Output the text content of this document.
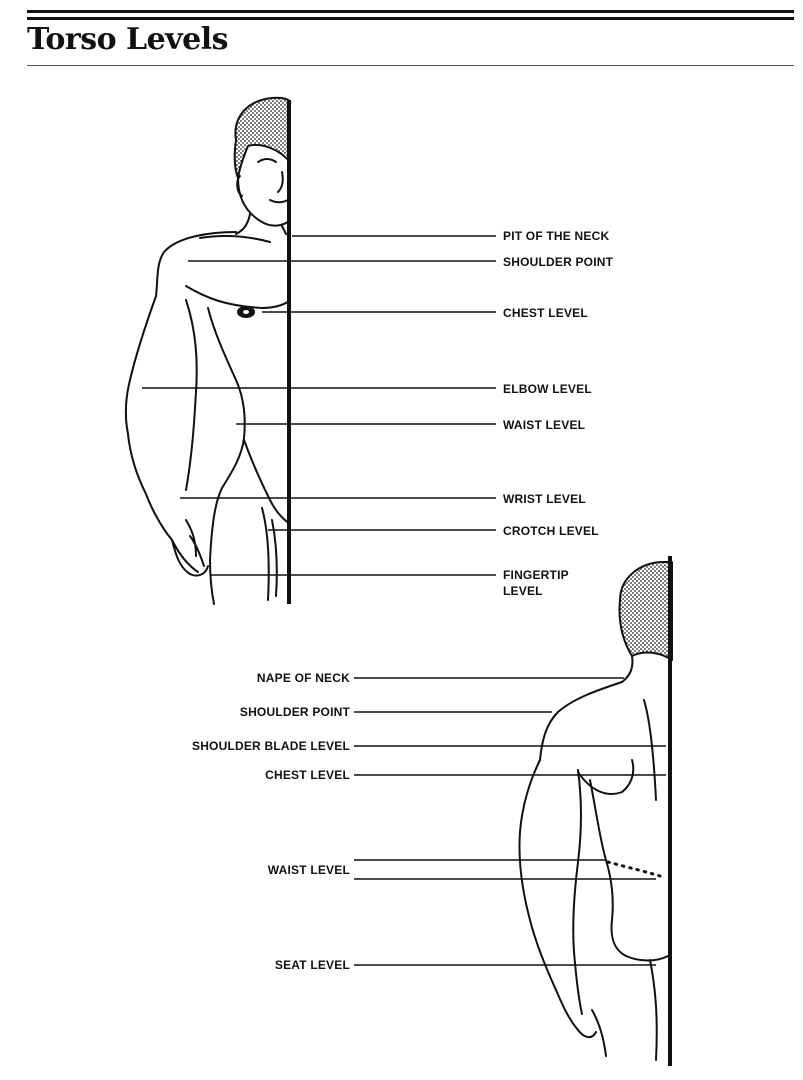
Torso Levels
PIT OF THE NECK
SHOULDER POINT
CHEST LEVEL
ELBOW LEVEL
WAIST LEVEL
WRIST LEVEL
CROTCH LEVEL
FINGERTIP
LEVEL
NAPE OF NECK
SHOULDER POINT
SHOULDER BLADE LEVEL
CHEST LEVEL
WAIST LEVEL
SEAT LEVEL
